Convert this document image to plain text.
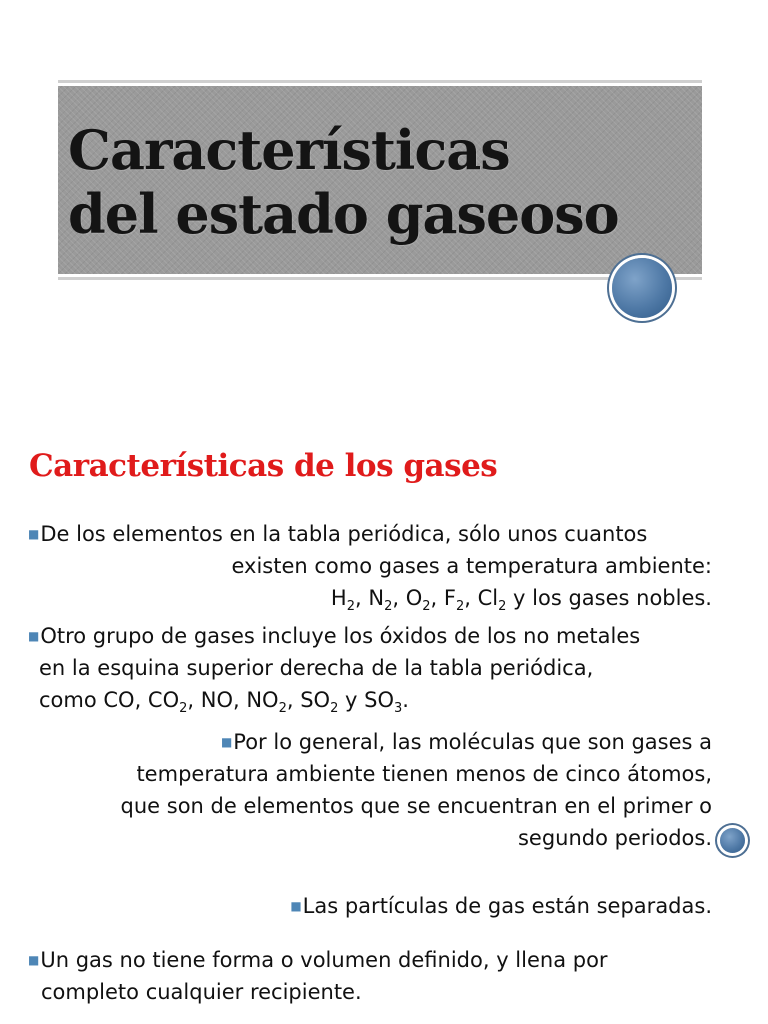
Características
del estado gaseoso
Características de los gases
■De los elementos en la tabla periódica, sólo unos cuantos
existen como gases a temperatura ambiente:
$H_2$, $N_2$, $O_2$, $F_2$, $Cl_2$ y los gases nobles.
■Otro grupo de gases incluye los óxidos de los no metales
en la esquina superior derecha de la tabla periódica,
como CO, $CO_2$, NO, $NO_2$, $SO_2$ y $SO_3$.
■Por lo general, las moléculas que son gases a
temperatura ambiente tienen menos de cinco átomos,
que son de elementos que se encuentran en el primer o
segundo periodos.
■Las partículas de gas están separadas.
■Un gas no tiene forma o volumen definido, y llena por
completo cualquier recipiente.
